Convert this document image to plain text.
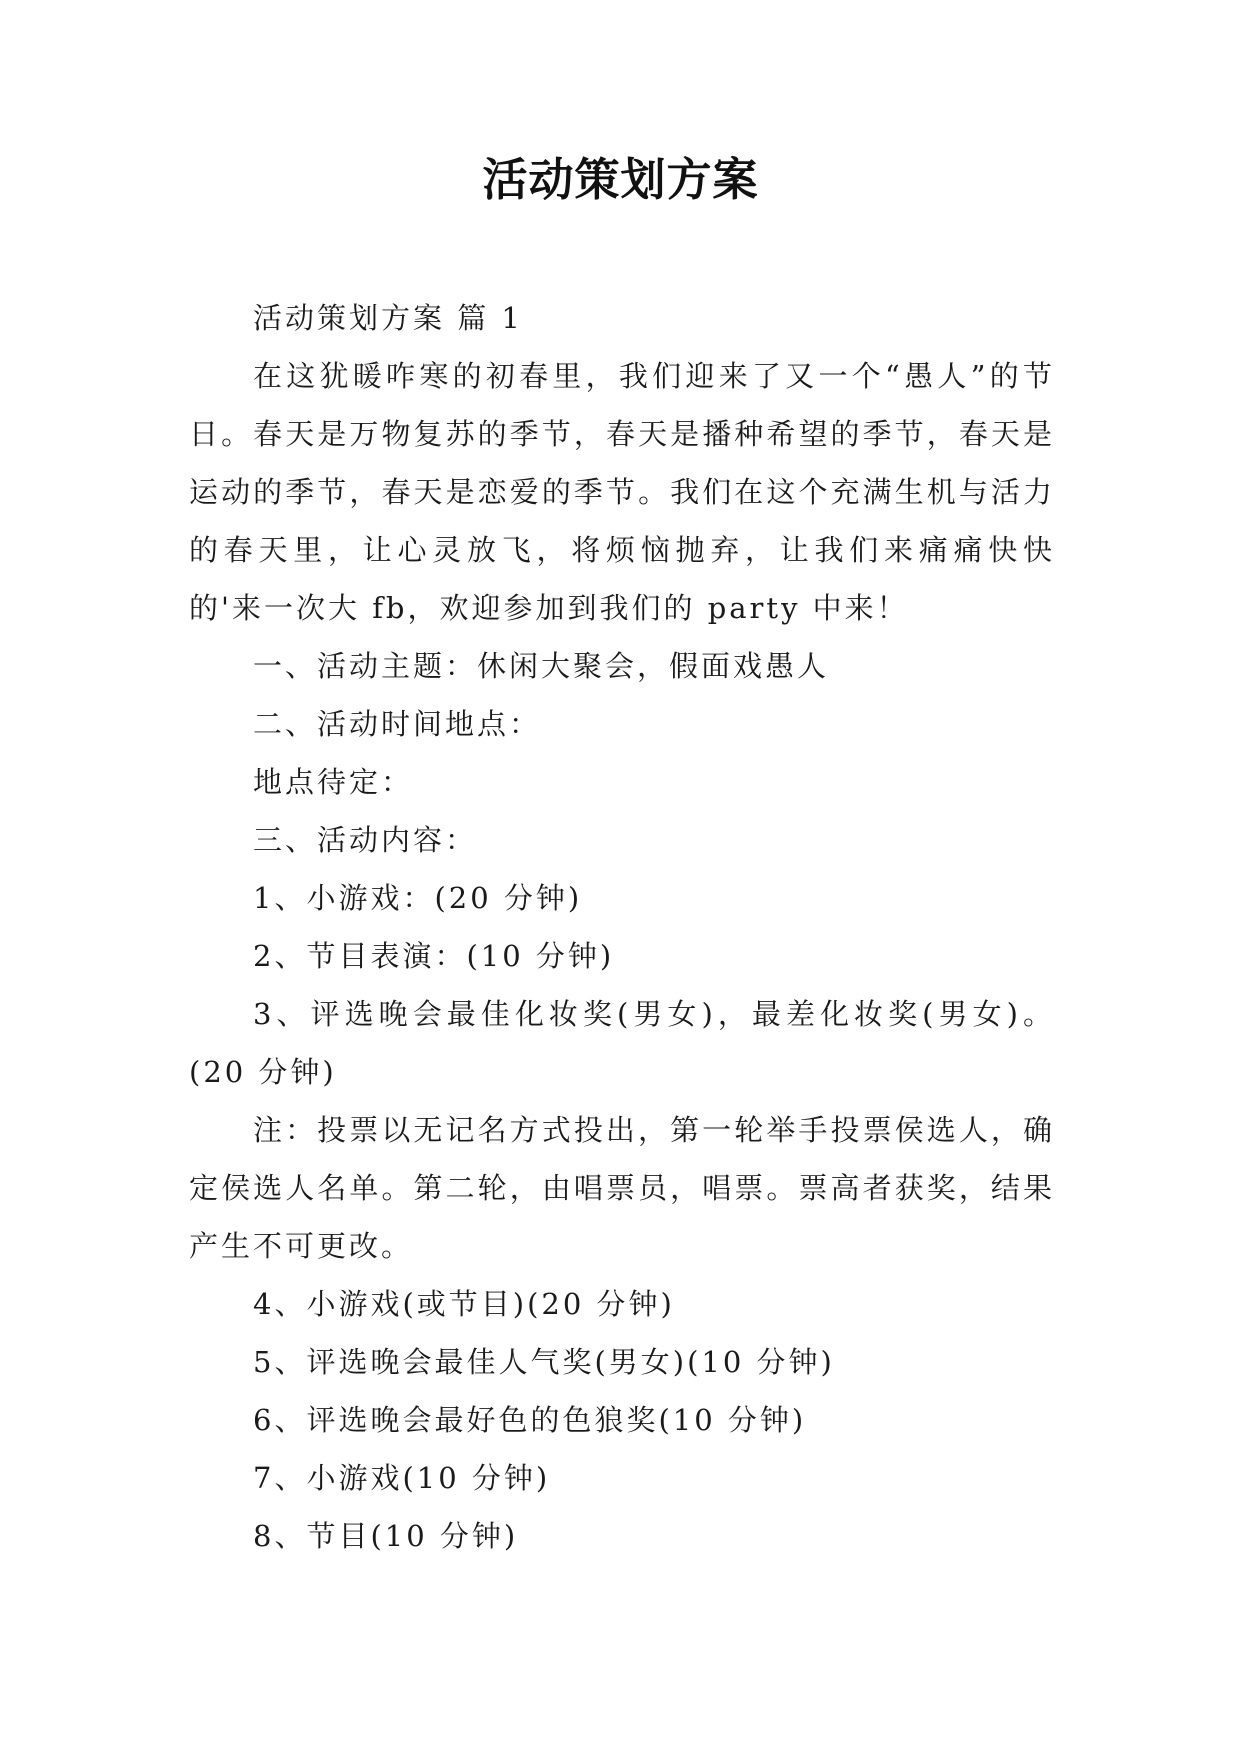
活动策划方案

活动策划方案 篇 1

在这犹暖咋寒的初春里，我们迎来了又一个“愚人”的节日。春天是万物复苏的季节，春天是播种希望的季节，春天是运动的季节，春天是恋爱的季节。我们在这个充满生机与活力的春天里，让心灵放飞，将烦恼抛弃，让我们来痛痛快快的'来一次大 fb，欢迎参加到我们的 party 中来！

一、活动主题：休闲大聚会，假面戏愚人

二、活动时间地点：

地点待定：

三、活动内容：

1、小游戏：(20 分钟)

2、节目表演：(10 分钟)

3、评选晚会最佳化妆奖(男女)，最差化妆奖(男女)。(20 分钟)

注：投票以无记名方式投出，第一轮举手投票侯选人，确定侯选人名单。第二轮，由唱票员，唱票。票高者获奖，结果产生不可更改。

4、小游戏(或节目)(20 分钟)

5、评选晚会最佳人气奖(男女)(10 分钟)

6、评选晚会最好色的色狼奖(10 分钟)

7、小游戏(10 分钟)

8、节目(10 分钟)
